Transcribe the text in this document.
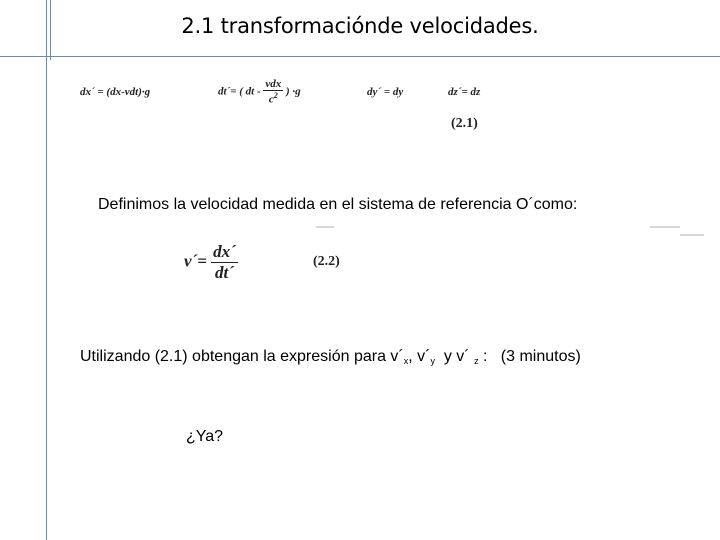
2.1 transformaciónde velocidades.
dx´ = (dx-vdt)·g	dt´= ( dt - $\frac{\text{vdx}}{c^2}$ ) ·g	dy´ = dy	dz´= dz
(2.1)
Definimos la velocidad medida en el sistema de referencia O´como:
v´= $\frac{dx´}{dt´}$	(2.2)
Utilizando (2.1) obtengan la expresión para $v´_x$, $v´_y$  y v´ $_z$ :   (3 minutos)
¿Ya?
